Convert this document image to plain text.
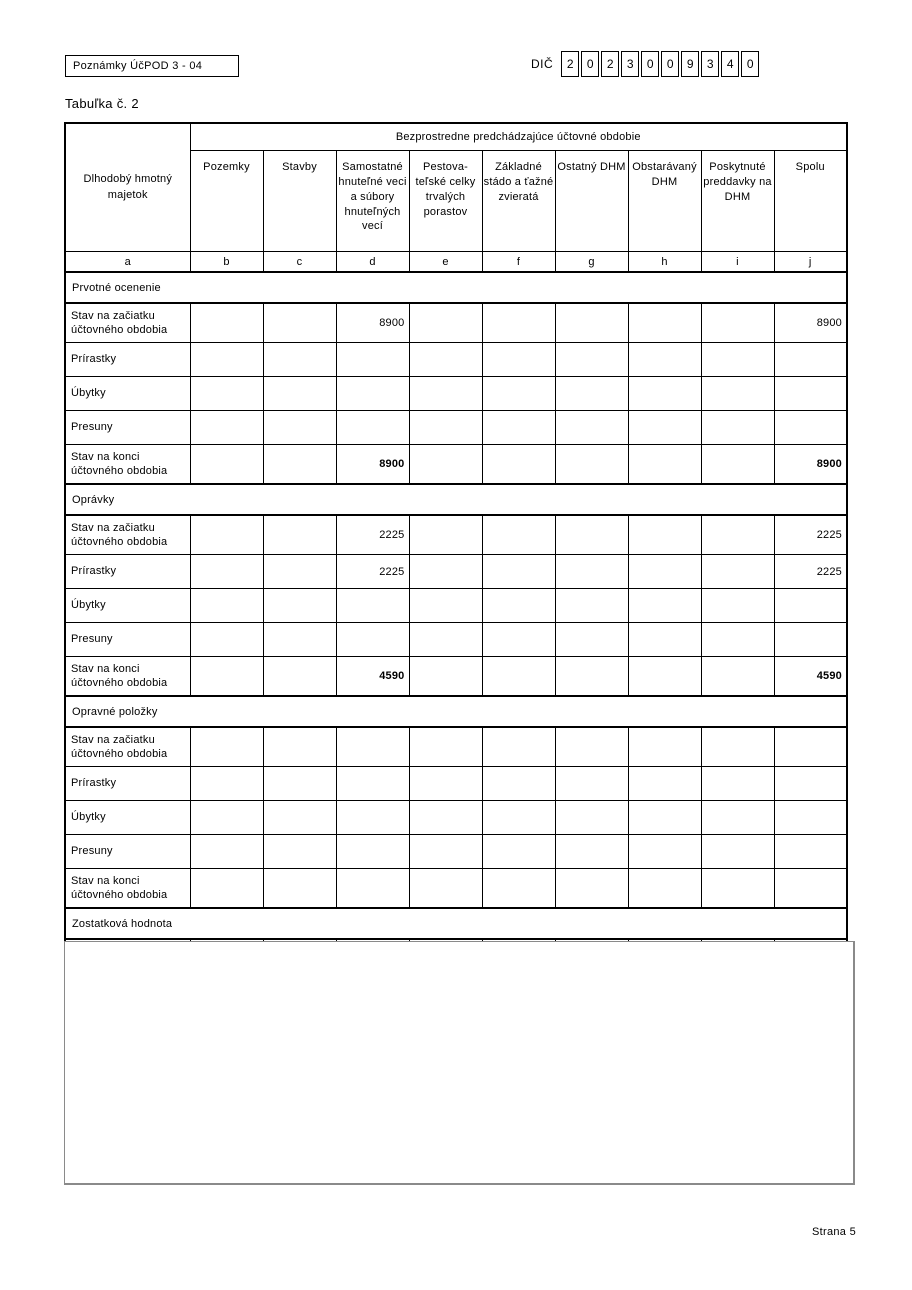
Poznámky ÚčPOD 3 - 04	DIČ	2	0	2	3	0	0	9	3	4	0
Tabuľka č. 2
Dlhodobý hmotný majetok	Bezprostredne predchádzajúce účtovné obdobie								
	Pozemky	Stavby	Samostatné hnuteľné veci a súbory hnuteľných vecí	Pestova- teľské celky trvalých porastov	Základné stádo a ťažné zvieratá	Ostatný DHM	Obstarávaný DHM	Poskytnuté preddavky na DHM	Spolu
a	b	c	d	e	f	g	h	i	j
Prvotné ocenenie									
Stav na začiatku účtovného obdobia			8900						8900
Prírastky									
Úbytky									
Presuny									
Stav na konci účtovného obdobia			8900						8900
Oprávky									
Stav na začiatku účtovného obdobia			2225						2225
Prírastky			2225						2225
Úbytky									
Presuny									
Stav na konci účtovného obdobia			4590						4590
Opravné položky									
Stav na začiatku účtovného obdobia									
Prírastky									
Úbytky									
Presuny									
Stav na konci účtovného obdobia									
Zostatková hodnota									

Strana 5
